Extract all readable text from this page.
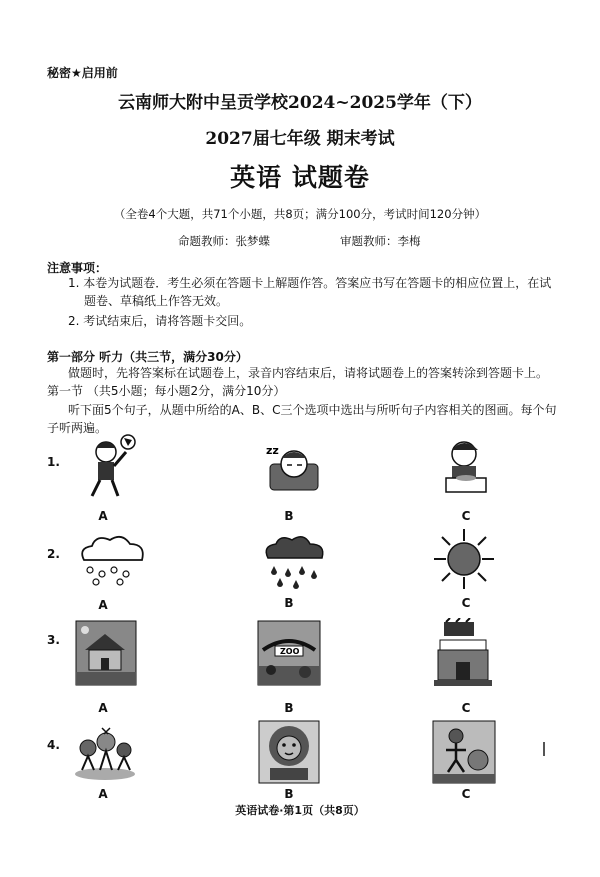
秘密★启用前
云南师大附中呈贡学校2024~2025学年（下）
2027届七年级 期末考试
英语 试题卷
（全卷4个大题，共71个小题，共8页；满分100分，考试时间120分钟）
命题教师：张梦蝶	审题教师：李梅
注意事项：
1. 本卷为试题卷．考生必须在答题卡上解题作答。答案应书写在答题卡的相应位置上，在试
题卷、草稿纸上作答无效。
2. 考试结束后，请将答题卡交回。
第一部分 听力（共三节，满分30分）
做题时，先将答案标在试题卷上，录音内容结束后，请将试题卷上的答案转涂到答题卡上。
第一节 （共5小题；每小题2分，满分10分）
听下面5个句子，从题中所给的A、B、C三个选项中选出与所听句子内容相关的图画。每个句
子听两遍。
1.
zz
A	B	C
2.
A	B	C
3.
ZOO
A	B	C
4.
A	B	C
英语试卷·第1页（共8页）
